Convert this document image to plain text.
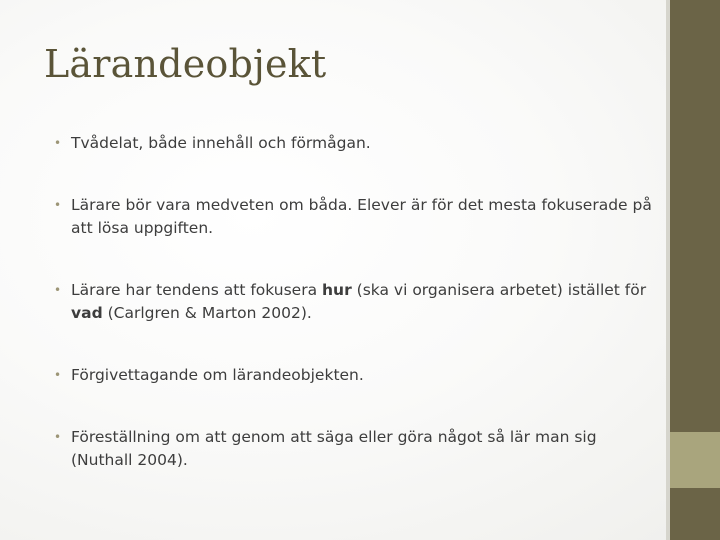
Lärandeobjekt
• Tvådelat, både innehåll och förmågan.
• Lärare bör vara medveten om båda. Elever är för det mesta fokuserade på att lösa uppgiften.
• Lärare har tendens att fokusera hur (ska vi organisera arbetet) istället för vad (Carlgren & Marton 2002).
• Förgivettagande om lärandeobjekten.
• Föreställning om att genom att säga eller göra något så lär man sig (Nuthall 2004).
